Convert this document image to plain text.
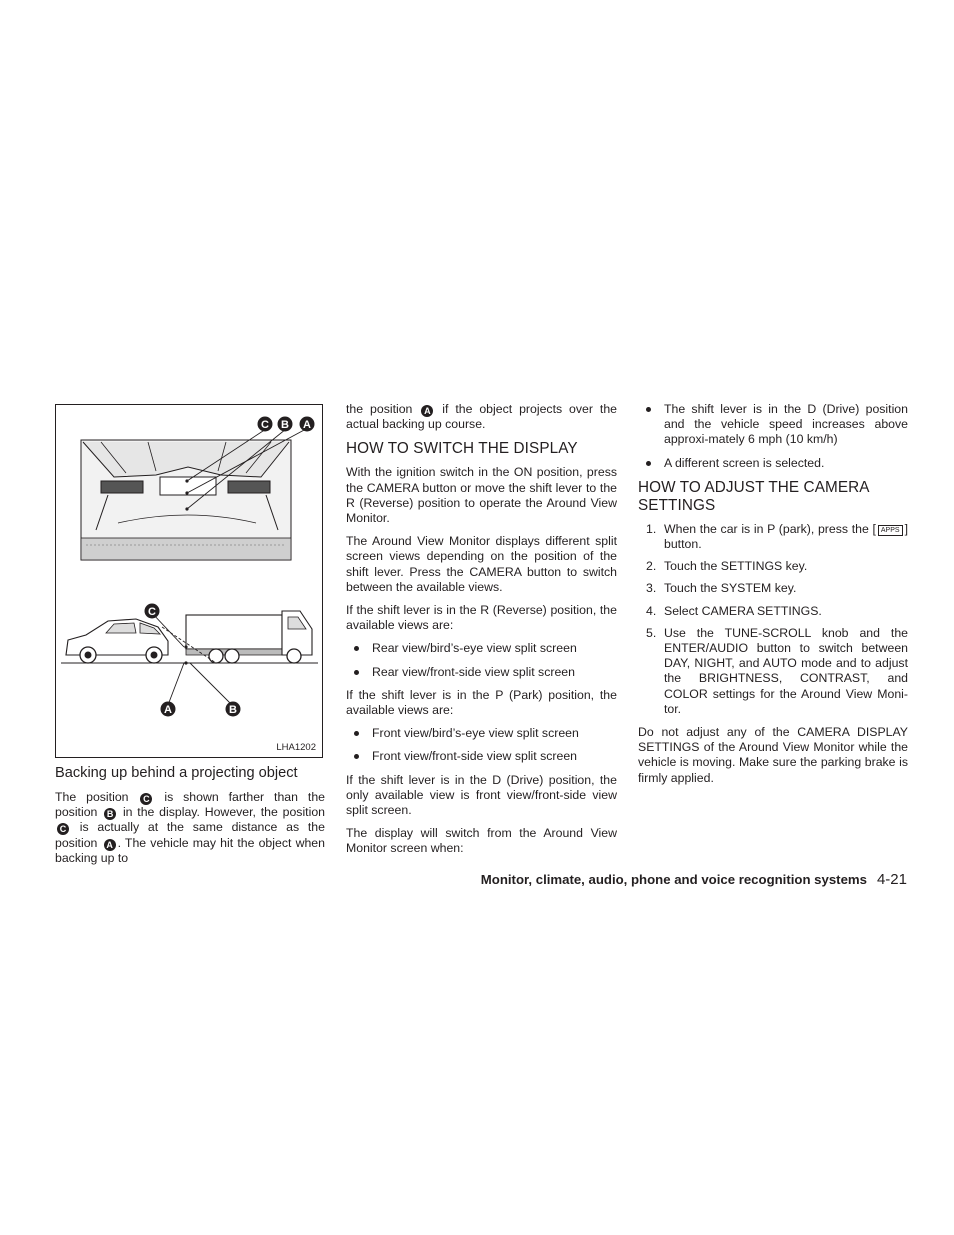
C B A
C
A	B
LHA1202
Backing up behind a projecting object

The position C is shown farther than the position B in the display. However, the position C is actually at the same distance as the position A . The vehicle may hit the object when backing up to

the position A if the object projects over the actual backing up course.

HOW TO SWITCH THE DISPLAY

With the ignition switch in the ON position, press the CAMERA button or move the shift lever to the R (Reverse) position to operate the Around View Monitor.

The Around View Monitor displays different split screen views depending on the position of the shift lever. Press the CAMERA button to switch between the available views.

If the shift lever is in the R (Reverse) position, the available views are:

Rear view/bird’s-eye view split screen
Rear view/front-side view split screen

If the shift lever is in the P (Park) position, the available views are:

Front view/bird’s-eye view split screen
Front view/front-side view split screen

If the shift lever is in the D (Drive) position, the only available view is front view/front-side view split screen.

The display will switch from the Around View Monitor screen when:

The shift lever is in the D (Drive) position and the vehicle speed increases above approxi-mately 6 mph (10 km/h)
A different screen is selected.
HOW TO ADJUST THE CAMERA SETTINGS
1. When the car is in P (park), press the [ APPS ] button.
2. Touch the SETTINGS key.
3. Touch the SYSTEM key.
4. Select CAMERA SETTINGS.
5. Use the TUNE-SCROLL knob and the ENTER/AUDIO button to switch between DAY, NIGHT, and AUTO mode and to adjust the BRIGHTNESS, CONTRAST, and COLOR settings for the Around View Moni-tor.

Do not adjust any of the CAMERA DISPLAY SETTINGS of the Around View Monitor while the vehicle is moving. Make sure the parking brake is firmly applied.

Monitor, climate, audio, phone and voice recognition systems 4-21
